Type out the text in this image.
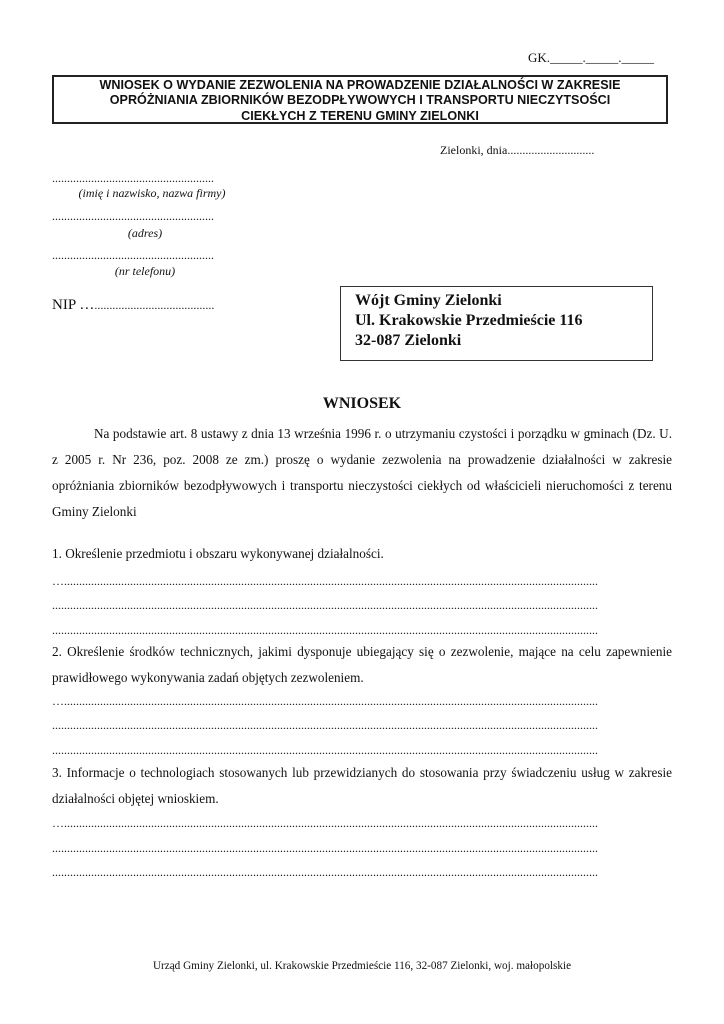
GK._____._____._____
WNIOSEK O WYDANIE ZEZWOLENIA NA PROWADZENIE DZIAŁALNOŚCI W ZAKRESIE
OPRÓŻNIANIA ZBIORNIKÓW BEZODPŁYWOWYCH I TRANSPORTU NIECZYTSOŚCI
CIEKŁYCH Z TERENU GMINY ZIELONKI
Zielonki, dnia.............................
......................................................
(imię i nazwisko, nazwa firmy)
......................................................
(adres)
......................................................
(nr telefonu)
NIP …........................................	Wójt Gminy Zielonki
Ul. Krakowskie Przedmieście 116
32-087 Zielonki
WNIOSEK
Na podstawie art. 8 ustawy z dnia 13 września 1996 r. o utrzymaniu czystości i porządku w gminach (Dz. U. z 2005 r. Nr 236, poz. 2008 ze zm.) proszę o wydanie zezwolenia na prowadzenie działalności w zakresie opróżniania zbiorników bezodpływowych i transportu nieczystości ciekłych od właścicieli nieruchomości z terenu Gminy Zielonki
1. Określenie przedmiotu i obszaru wykonywanej działalności.
…..................................................................................................................................................................................
......................................................................................................................................................................................
......................................................................................................................................................................................
2. Określenie środków technicznych, jakimi dysponuje ubiegający się o zezwolenie, mające na celu zapewnienie prawidłowego wykonywania zadań objętych zezwoleniem.
…..................................................................................................................................................................................
......................................................................................................................................................................................
......................................................................................................................................................................................
3. Informacje o technologiach stosowanych lub przewidzianych do stosowania przy świadczeniu usług w zakresie działalności objętej wnioskiem.
…..................................................................................................................................................................................
......................................................................................................................................................................................
......................................................................................................................................................................................
Urząd Gminy Zielonki, ul. Krakowskie Przedmieście 116, 32-087 Zielonki, woj. małopolskie
